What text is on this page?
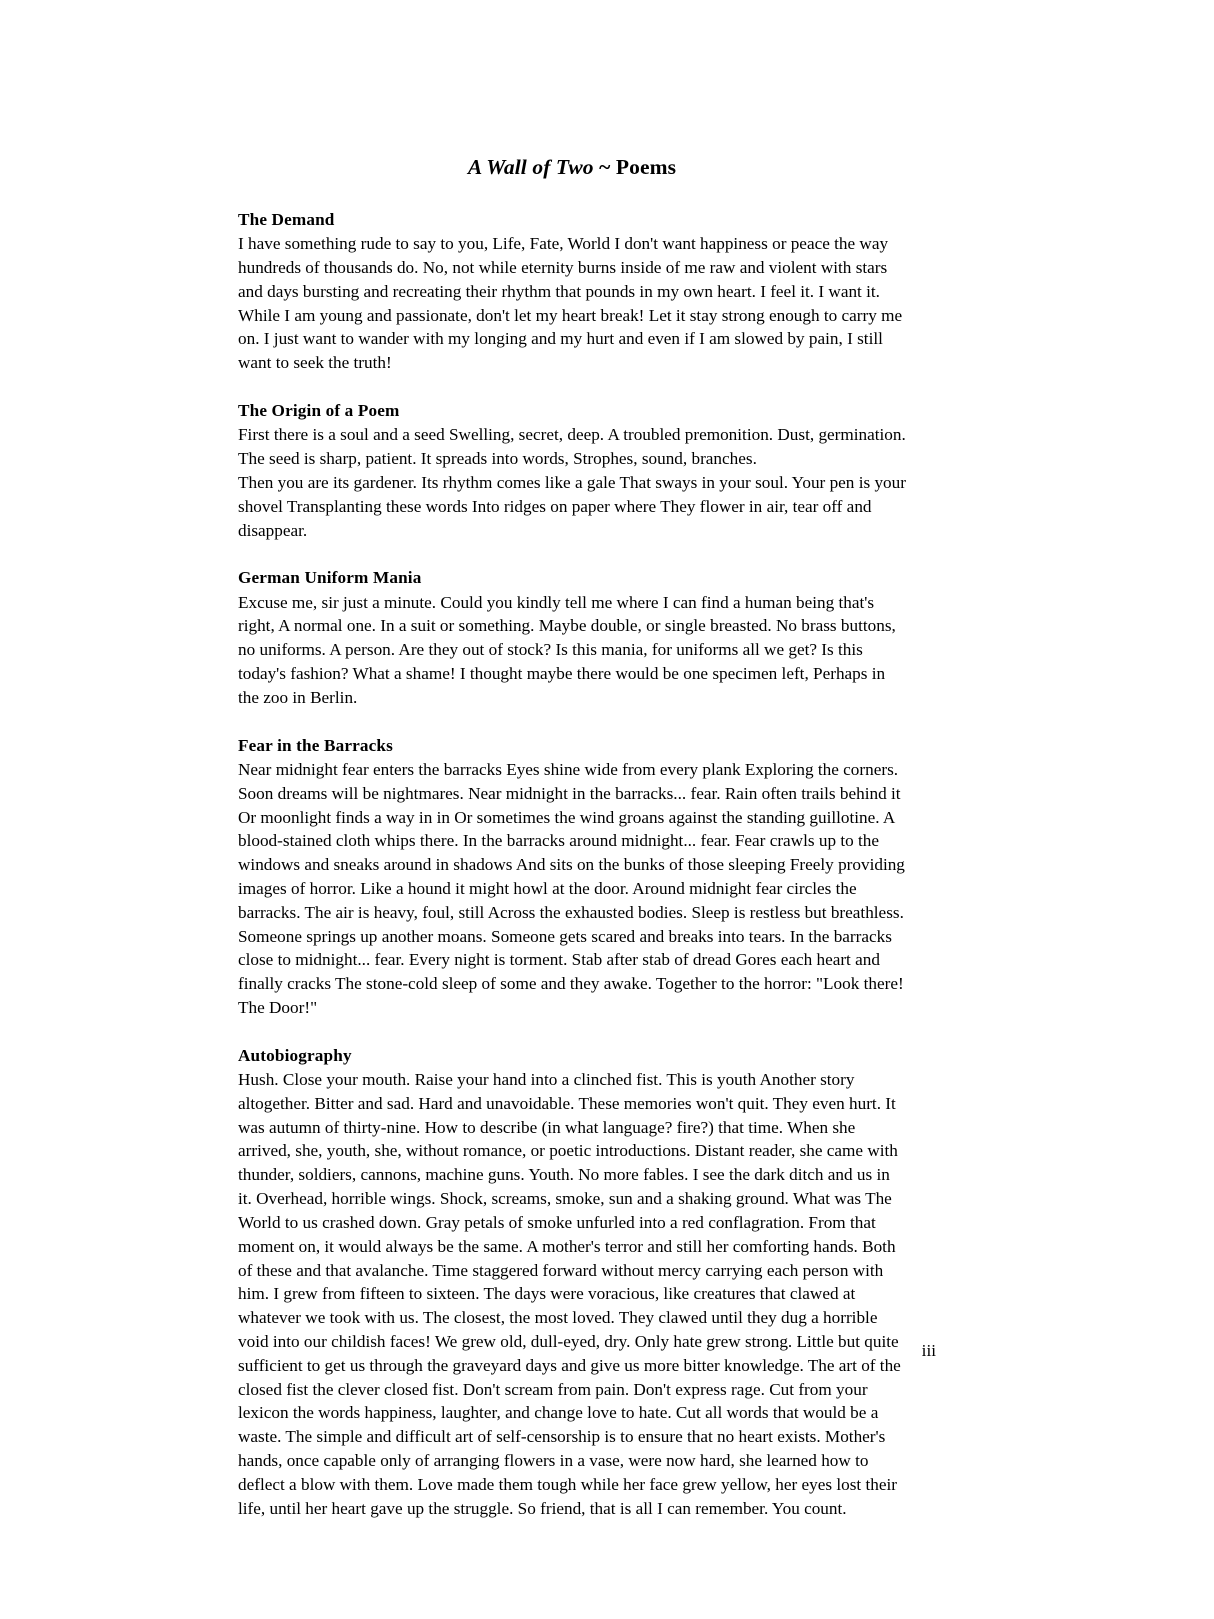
A Wall of Two ~ Poems
The Demand

I have something rude to say to you, Life, Fate, World I don't want happiness or peace the way hundreds of thousands do. No, not while eternity burns inside of me raw and violent with stars and days bursting and recreating their rhythm that pounds in my own heart. I feel it. I want it. While I am young and passionate, don't let my heart break! Let it stay strong enough to carry me on. I just want to wander with my longing and my hurt and even if I am slowed by pain, I still want to seek the truth!

The Origin of a Poem

First there is a soul and a seed Swelling, secret, deep. A troubled premonition. Dust, germination. The seed is sharp, patient. It spreads into words, Strophes, sound, branches.
Then you are its gardener. Its rhythm comes like a gale That sways in your soul. Your pen is your shovel Transplanting these words Into ridges on paper where They flower in air, tear off and disappear.

German Uniform Mania

Excuse me, sir just a minute. Could you kindly tell me where I can find a human being that's right, A normal one. In a suit or something. Maybe double, or single breasted. No brass buttons, no uniforms. A person. Are they out of stock? Is this mania, for uniforms all we get? Is this today's fashion? What a shame! I thought maybe there would be one specimen left, Perhaps in the zoo in Berlin.

Fear in the Barracks

Near midnight fear enters the barracks Eyes shine wide from every plank Exploring the corners. Soon dreams will be nightmares. Near midnight in the barracks... fear. Rain often trails behind it Or moonlight finds a way in in Or sometimes the wind groans against the standing guillotine. A blood-stained cloth whips there. In the barracks around midnight... fear. Fear crawls up to the windows and sneaks around in shadows And sits on the bunks of those sleeping Freely providing images of horror. Like a hound it might howl at the door. Around midnight fear circles the barracks. The air is heavy, foul, still Across the exhausted bodies. Sleep is restless but breathless. Someone springs up another moans. Someone gets scared and breaks into tears. In the barracks close to midnight... fear. Every night is torment. Stab after stab of dread Gores each heart and finally cracks The stone-cold sleep of some and they awake. Together to the horror: "Look there! The Door!"

Autobiography

Hush. Close your mouth. Raise your hand into a clinched fist. This is youth Another story altogether. Bitter and sad. Hard and unavoidable. These memories won't quit. They even hurt. It was autumn of thirty-nine. How to describe (in what language? fire?) that time. When she arrived, she, youth, she, without romance, or poetic introductions. Distant reader, she came with thunder, soldiers, cannons, machine guns. Youth. No more fables. I see the dark ditch and us in it. Overhead, horrible wings. Shock, screams, smoke, sun and a shaking ground. What was The World to us crashed down. Gray petals of smoke unfurled into a red conflagration. From that moment on, it would always be the same. A mother's terror and still her comforting hands. Both of these and that avalanche. Time staggered forward without mercy carrying each person with him. I grew from fifteen to sixteen. The days were voracious, like creatures that clawed at whatever we took with us. The closest, the most loved. They clawed until they dug a horrible void into our childish faces! We grew old, dull-eyed, dry. Only hate grew strong. Little but quite sufficient to get us through the graveyard days and give us more bitter knowledge. The art of the closed fist the clever closed fist. Don't scream from pain. Don't express rage. Cut from your lexicon the words happiness, laughter, and change love to hate. Cut all words that would be a waste. The simple and difficult art of self-censorship is to ensure that no heart exists. Mother's hands, once capable only of arranging flowers in a vase, were now hard, she learned how to deflect a blow with them. Love made them tough while her face grew yellow, her eyes lost their life, until her heart gave up the struggle. So friend, that is all I can remember. You count.

iii
